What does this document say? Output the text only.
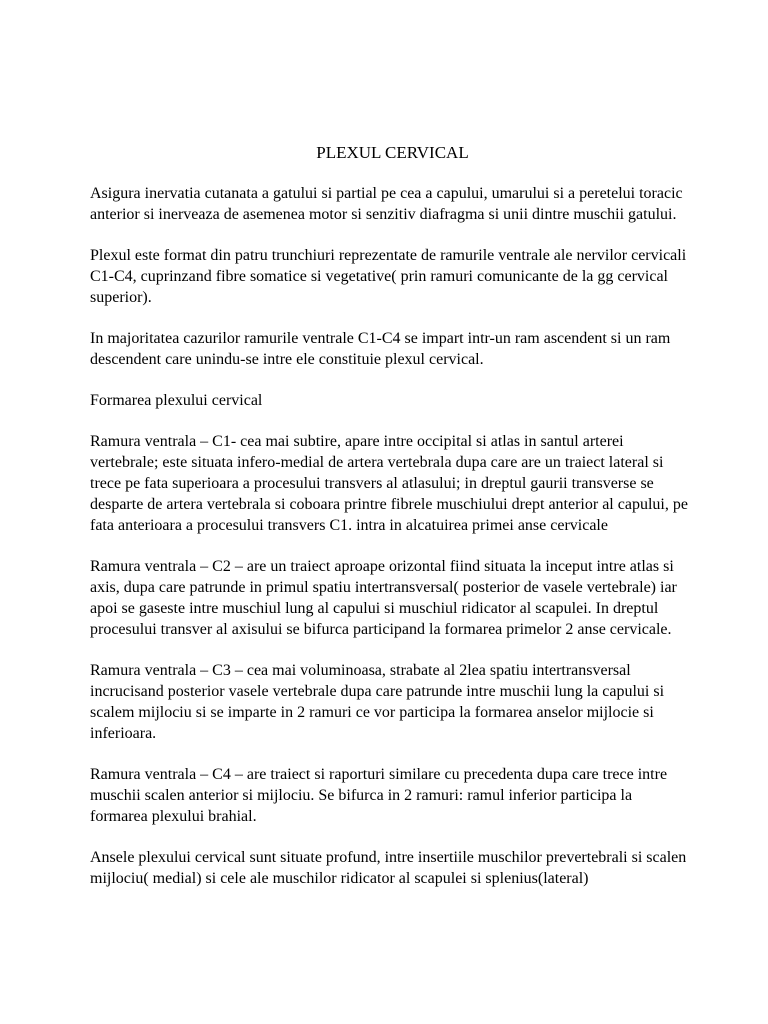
PLEXUL CERVICAL

Asigura inervatia cutanata a gatului si partial pe cea a capului, umarului si a peretelui toracic anterior si inerveaza de asemenea motor si senzitiv diafragma si unii dintre muschii gatului.

Plexul este format din patru trunchiuri reprezentate de ramurile ventrale ale nervilor cervicali C1-C4, cuprinzand fibre somatice si vegetative( prin ramuri comunicante de la gg cervical superior).

In majoritatea cazurilor ramurile ventrale C1-C4 se impart intr-un ram ascendent si un ram descendent care unindu-se intre ele constituie plexul cervical.

Formarea plexului cervical

Ramura ventrala – C1- cea mai subtire, apare intre occipital si atlas in santul arterei vertebrale; este situata infero-medial de artera vertebrala dupa care are un traiect lateral si trece pe fata superioara a procesului transvers al atlasului; in dreptul gaurii transverse se desparte de artera vertebrala si coboara printre fibrele muschiului drept anterior al capului, pe fata anterioara a procesului transvers C1. intra in alcatuirea primei anse cervicale

Ramura ventrala – C2 – are un traiect aproape orizontal fiind situata la inceput intre atlas si axis, dupa care patrunde in primul spatiu intertransversal( posterior de vasele vertebrale) iar apoi se gaseste intre muschiul lung al capului si muschiul ridicator al scapulei. In dreptul procesului transver al axisului se bifurca participand la formarea primelor 2 anse cervicale.

Ramura ventrala – C3 – cea mai voluminoasa, strabate al 2lea spatiu intertransversal incrucisand posterior vasele vertebrale dupa care patrunde intre muschii lung la capului si scalem mijlociu si se imparte in 2 ramuri ce vor participa la formarea anselor mijlocie si inferioara.

Ramura ventrala – C4 – are traiect si raporturi similare cu precedenta dupa care trece intre muschii scalen anterior si mijlociu. Se bifurca in 2 ramuri: ramul inferior participa la formarea plexului brahial.

Ansele plexului cervical sunt situate profund, intre insertiile muschilor prevertebrali si scalen mijlociu( medial) si cele ale muschilor ridicator al scapulei si splenius(lateral)
